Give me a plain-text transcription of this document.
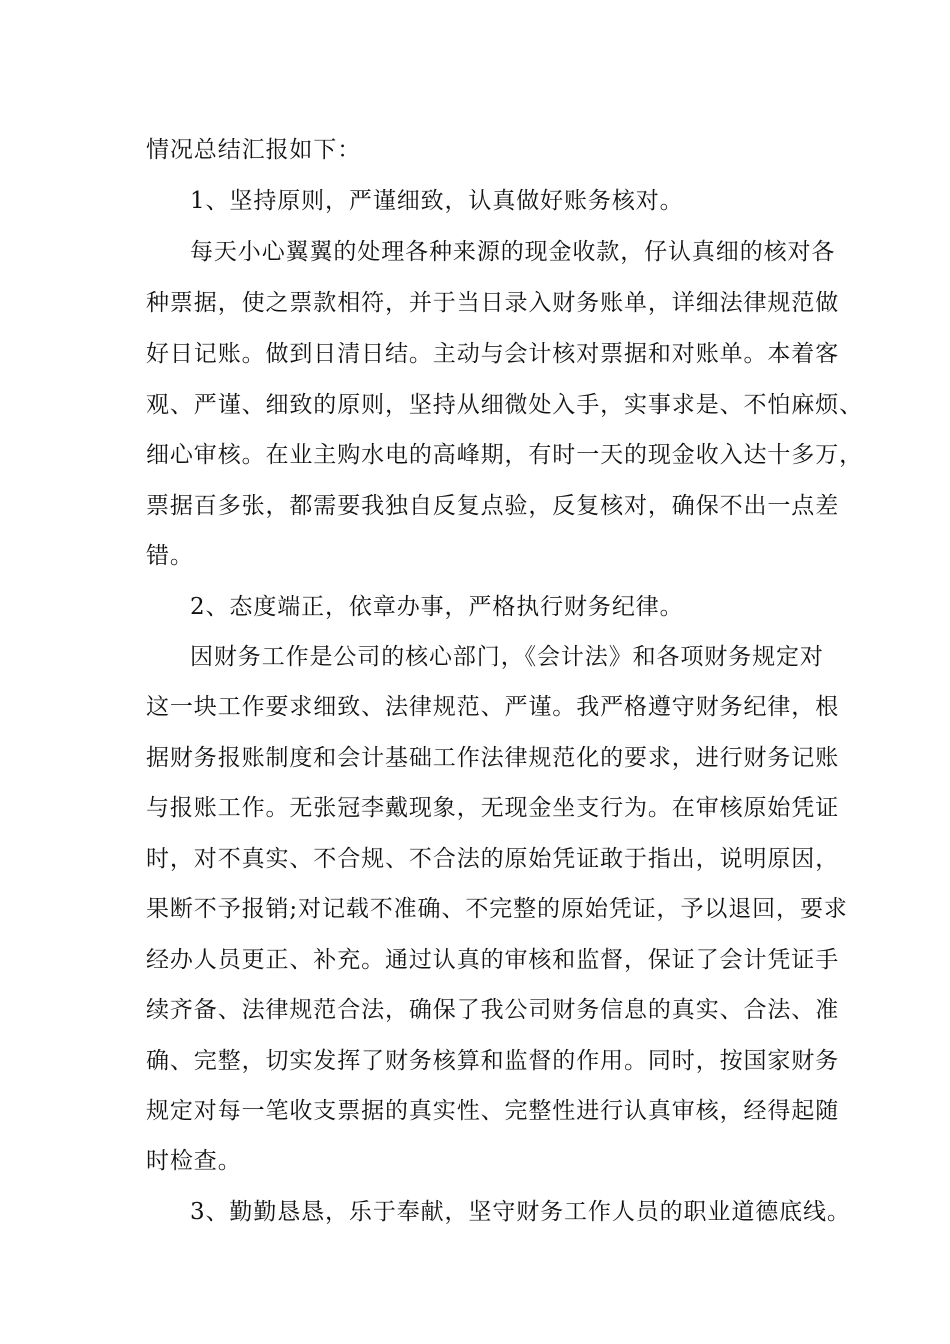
情况总结汇报如下：
1、坚持原则，严谨细致，认真做好账务核对。
每天小心翼翼的处理各种来源的现金收款，仔认真细的核对各
种票据，使之票款相符，并于当日录入财务账单，详细法律规范做
好日记账。做到日清日结。主动与会计核对票据和对账单。本着客
观、严谨、细致的原则，坚持从细微处入手，实事求是、不怕麻烦、
细心审核。在业主购水电的高峰期，有时一天的现金收入达十多万，
票据百多张，都需要我独自反复点验，反复核对，确保不出一点差
错。
2、态度端正，依章办事，严格执行财务纪律。
因财务工作是公司的核心部门，《会计法》和各项财务规定对
这一块工作要求细致、法律规范、严谨。我严格遵守财务纪律，根
据财务报账制度和会计基础工作法律规范化的要求，进行财务记账
与报账工作。无张冠李戴现象，无现金坐支行为。在审核原始凭证
时，对不真实、不合规、不合法的原始凭证敢于指出，说明原因，
果断不予报销;对记载不准确、不完整的原始凭证，予以退回，要求
经办人员更正、补充。通过认真的审核和监督，保证了会计凭证手
续齐备、法律规范合法，确保了我公司财务信息的真实、合法、准
确、完整，切实发挥了财务核算和监督的作用。同时，按国家财务
规定对每一笔收支票据的真实性、完整性进行认真审核，经得起随
时检查。
3、勤勤恳恳，乐于奉献，坚守财务工作人员的职业道德底线。
